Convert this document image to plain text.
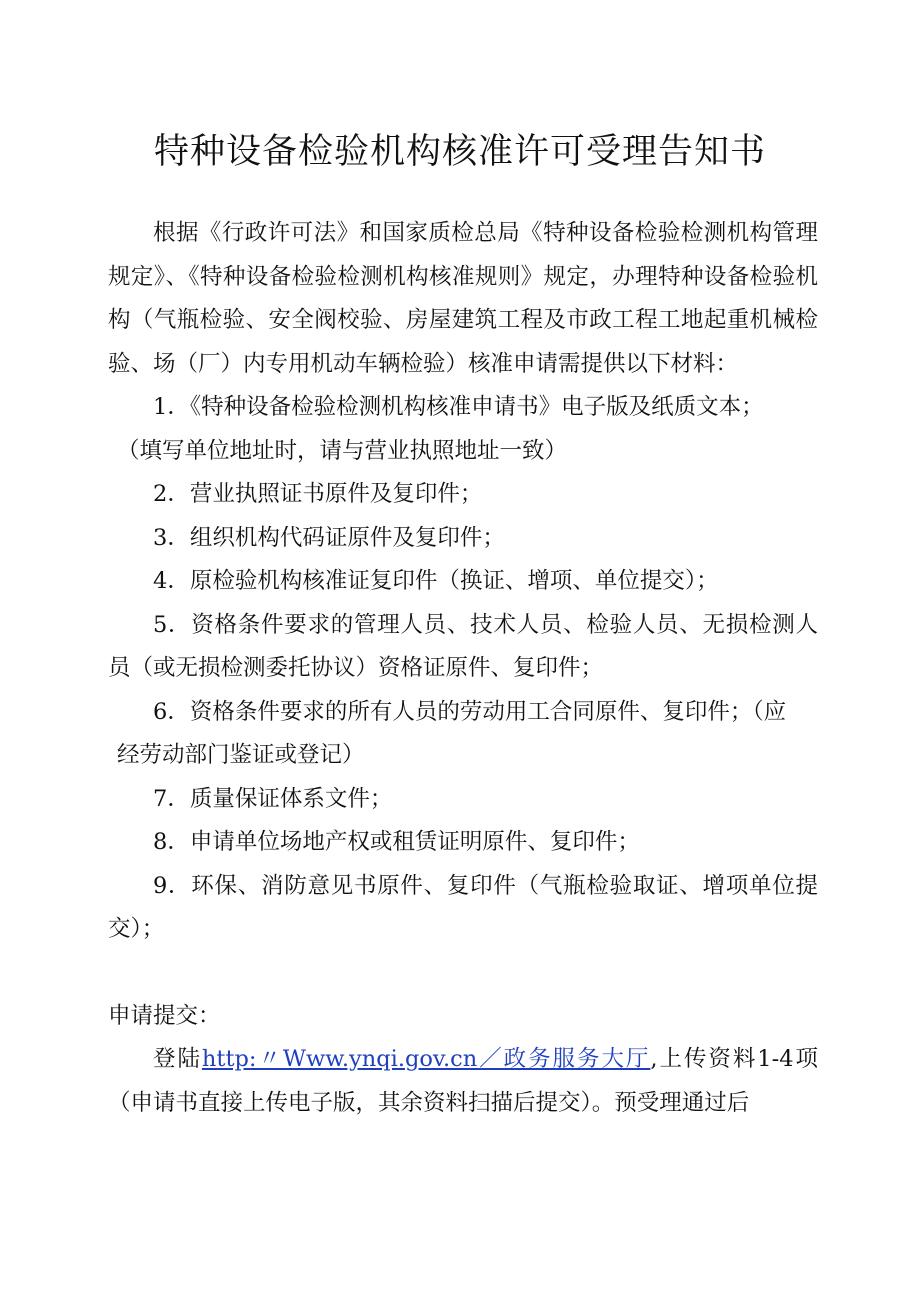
特种设备检验机构核准许可受理告知书

根据《行政许可法》和国家质检总局《特种设备检验检测机构管理规定》、《特种设备检验检测机构核准规则》规定，办理特种设备检验机构（气瓶检验、安全阀校验、房屋建筑工程及市政工程工地起重机械检验、场（厂）内专用机动车辆检验）核准申请需提供以下材料：

1．《特种设备检验检测机构核准申请书》电子版及纸质文本；

（填写单位地址时，请与营业执照地址一致）

2．营业执照证书原件及复印件；

3．组织机构代码证原件及复印件；

4．原检验机构核准证复印件（换证、增项、单位提交）；

5．资格条件要求的管理人员、技术人员、检验人员、无损检测人员（或无损检测委托协议）资格证原件、复印件；

6．资格条件要求的所有人员的劳动用工合同原件、复印件；（应

经劳动部门鉴证或登记）

7．质量保证体系文件；

8．申请单位场地产权或租赁证明原件、复印件；

9．环保、消防意见书原件、复印件（气瓶检验取证、增项单位提交）；

申请提交：

登陆http:〃Www.ynqi.gov.cn／政务服务大厅,上传资料1-4项（申请书直接上传电子版，其余资料扫描后提交）。预受理通过后
